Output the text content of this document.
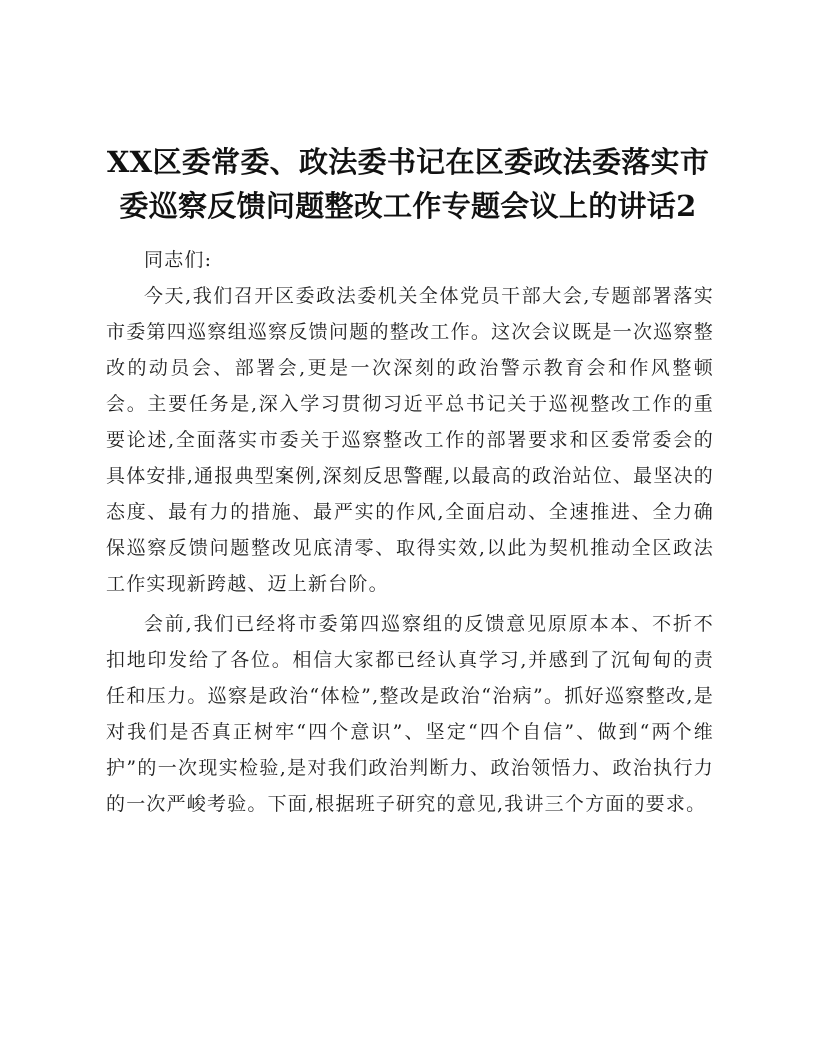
XX区委常委、政法委书记在区委政法委落实市
委巡察反馈问题整改工作专题会议上的讲话2

同志们:

今天,我们召开区委政法委机关全体党员干部大会,专题部署落实市委第四巡察组巡察反馈问题的整改工作。这次会议既是一次巡察整改的动员会、部署会,更是一次深刻的政治警示教育会和作风整顿会。主要任务是,深入学习贯彻习近平总书记关于巡视整改工作的重要论述,全面落实市委关于巡察整改工作的部署要求和区委常委会的具体安排,通报典型案例,深刻反思警醒,以最高的政治站位、最坚决的态度、最有力的措施、最严实的作风,全面启动、全速推进、全力确保巡察反馈问题整改见底清零、取得实效,以此为契机推动全区政法工作实现新跨越、迈上新台阶。

会前,我们已经将市委第四巡察组的反馈意见原原本本、不折不扣地印发给了各位。相信大家都已经认真学习,并感到了沉甸甸的责任和压力。巡察是政治“体检”,整改是政治“治病”。抓好巡察整改,是对我们是否真正树牢“四个意识”、坚定“四个自信”、做到“两个维护”的一次现实检验,是对我们政治判断力、政治领悟力、政治执行力的一次严峻考验。下面,根据班子研究的意见,我讲三个方面的要求。
